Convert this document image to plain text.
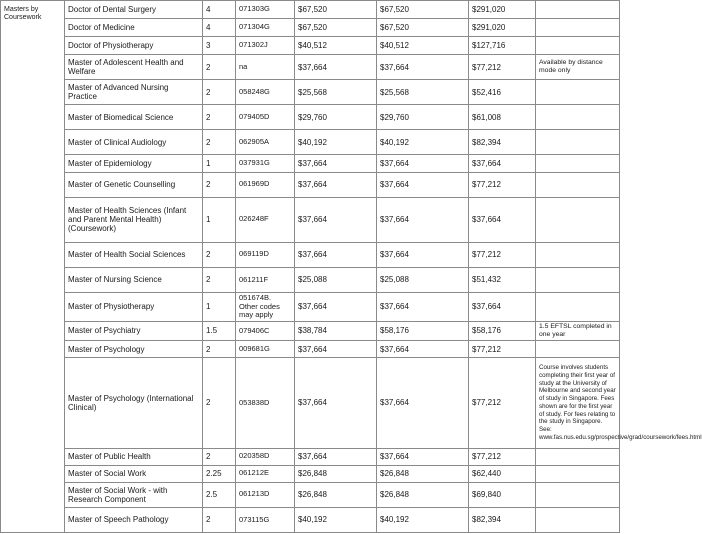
Masters by Coursework	Doctor of Dental Surgery	4	071303G	$67,520	$67,520	$291,020	
	Doctor of Medicine	4	071304G	$67,520	$67,520	$291,020	
	Doctor of Physiotherapy	3	071302J	$40,512	$40,512	$127,716	
	Master of Adolescent Health and Welfare	2	na	$37,664	$37,664	$77,212	Available by distance mode only
	Master of Advanced Nursing Practice	2	058248G	$25,568	$25,568	$52,416	
	Master of Biomedical Science	2	079405D	$29,760	$29,760	$61,008	
	Master of Clinical Audiology	2	062905A	$40,192	$40,192	$82,394	
	Master of Epidemiology	1	037931G	$37,664	$37,664	$37,664	
	Master of Genetic Counselling	2	061969D	$37,664	$37,664	$77,212	
	Master of Health Sciences (Infant and Parent Mental Health)(Coursework)	1	026248F	$37,664	$37,664	$37,664	
	Master of Health Social Sciences	2	069119D	$37,664	$37,664	$77,212	
	Master of Nursing Science	2	061211F	$25,088	$25,088	$51,432	
	Master of Physiotherapy	1	051674B. Other codes may apply	$37,664	$37,664	$37,664	
	Master of Psychiatry	1.5	079406C	$38,784	$58,176	$58,176	1.5 EFTSL completed in one year
	Master of Psychology	2	009681G	$37,664	$37,664	$77,212	
	Master of Psychology (International Clinical)	2	053838D	$37,664	$37,664	$77,212	Course involves students completing their first year of study at the University of Melbourne and second year of study in Singapore. Fees shown are for the first year of study. For fees relating to the study in Singapore. See: www.fas.nus.edu.sg/prospective/grad/coursework/fees.html
	Master of Public Health	2	020358D	$37,664	$37,664	$77,212	
	Master of Social Work	2.25	061212E	$26,848	$26,848	$62,440	
	Master of Social Work - with Research Component	2.5	061213D	$26,848	$26,848	$69,840	
	Master of Speech Pathology	2	073115G	$40,192	$40,192	$82,394	
